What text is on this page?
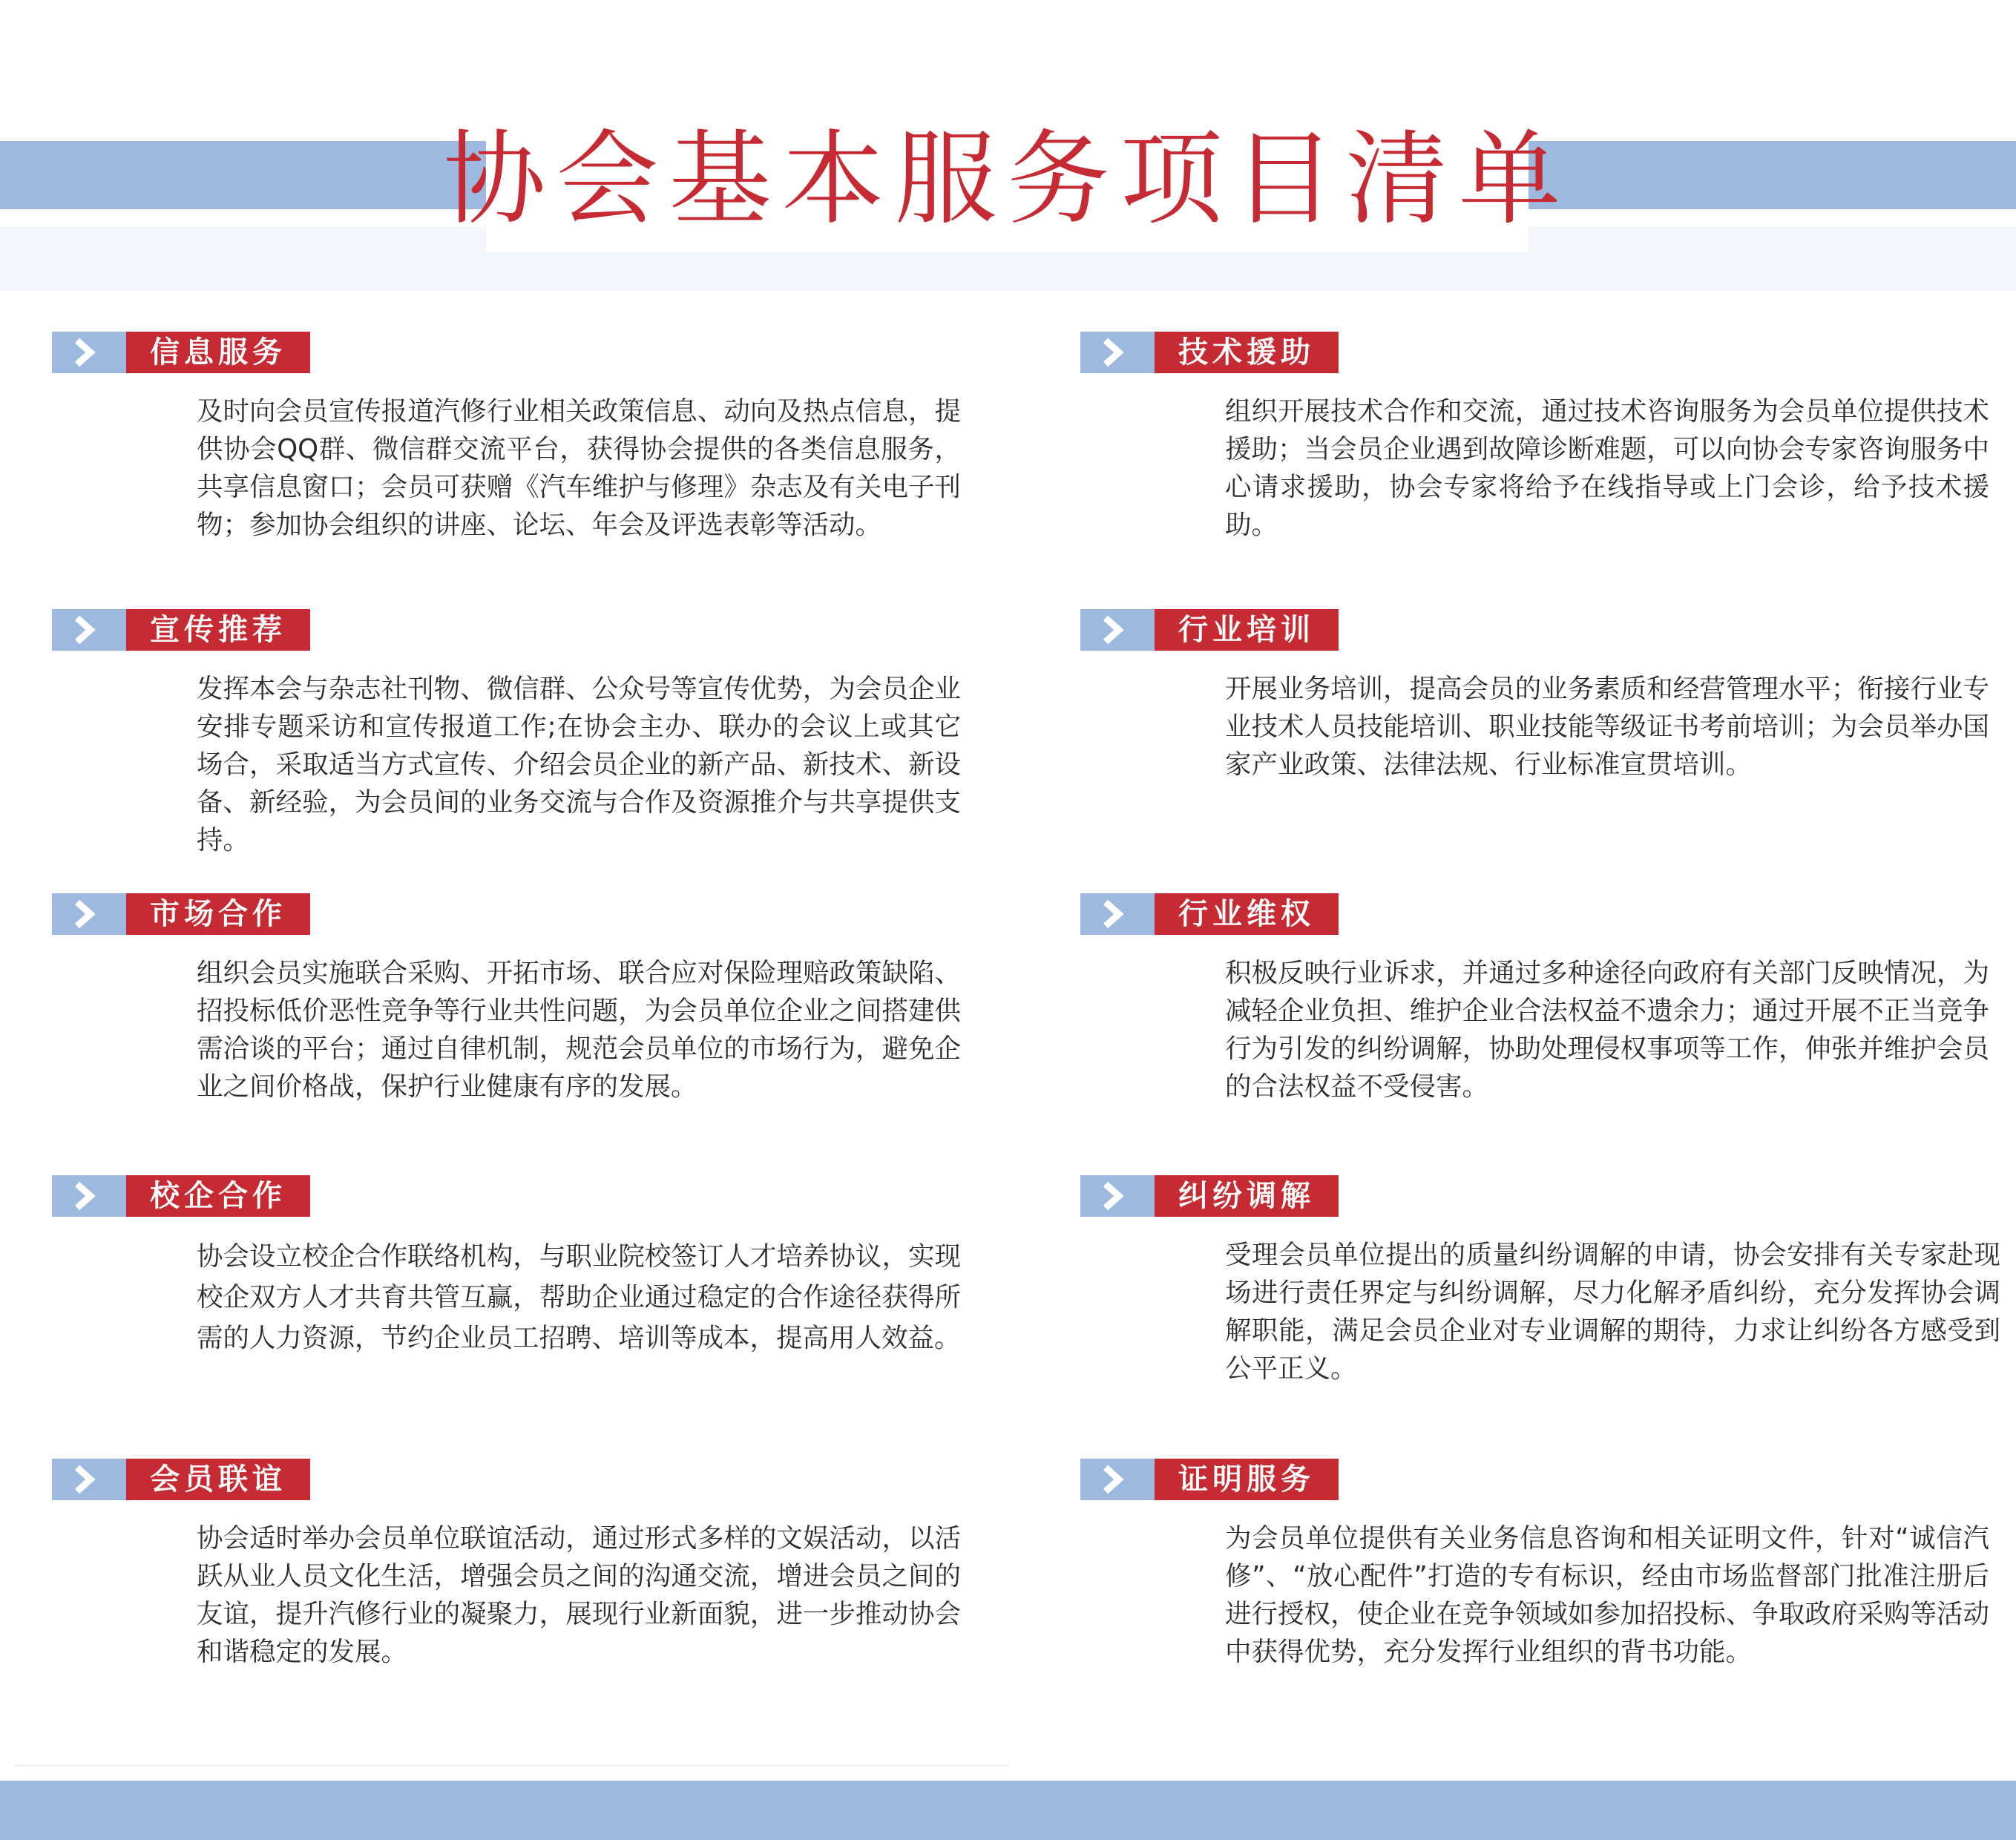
协会基本服务项目清单
信息服务
及时向会员宣传报道汽修行业相关政策信息、动向及热点信息，提供协会QQ群、微信群交流平台，获得协会提供的各类信息服务，共享信息窗口；会员可获赠《汽车维护与修理》杂志及有关电子刊物；参加协会组织的讲座、论坛、年会及评选表彰等活动。
宣传推荐
发挥本会与杂志社刊物、微信群、公众号等宣传优势，为会员企业安排专题采访和宣传报道工作;在协会主办、联办的会议上或其它场合，采取适当方式宣传、介绍会员企业的新产品、新技术、新设备、新经验，为会员间的业务交流与合作及资源推介与共享提供支持。
市场合作
组织会员实施联合采购、开拓市场、联合应对保险理赔政策缺陷、招投标低价恶性竞争等行业共性问题，为会员单位企业之间搭建供需洽谈的平台；通过自律机制，规范会员单位的市场行为，避免企业之间价格战，保护行业健康有序的发展。
校企合作
协会设立校企合作联络机构，与职业院校签订人才培养协议，实现校企双方人才共育共管互赢，帮助企业通过稳定的合作途径获得所需的人力资源，节约企业员工招聘、培训等成本，提高用人效益。
会员联谊
协会适时举办会员单位联谊活动，通过形式多样的文娱活动，以活跃从业人员文化生活，增强会员之间的沟通交流，增进会员之间的友谊，提升汽修行业的凝聚力，展现行业新面貌，进一步推动协会和谐稳定的发展。
技术援助
组织开展技术合作和交流，通过技术咨询服务为会员单位提供技术援助；当会员企业遇到故障诊断难题，可以向协会专家咨询服务中心请求援助，协会专家将给予在线指导或上门会诊，给予技术援助。
行业培训
开展业务培训，提高会员的业务素质和经营管理水平；衔接行业专业技术人员技能培训、职业技能等级证书考前培训；为会员举办国家产业政策、法律法规、行业标准宣贯培训。
行业维权
积极反映行业诉求，并通过多种途径向政府有关部门反映情况，为减轻企业负担、维护企业合法权益不遗余力；通过开展不正当竞争行为引发的纠纷调解，协助处理侵权事项等工作，伸张并维护会员的合法权益不受侵害。
纠纷调解
受理会员单位提出的质量纠纷调解的申请，协会安排有关专家赴现场进行责任界定与纠纷调解，尽力化解矛盾纠纷，充分发挥协会调解职能，满足会员企业对专业调解的期待，力求让纠纷各方感受到公平正义。
证明服务
为会员单位提供有关业务信息咨询和相关证明文件，针对“诚信汽修”、“放心配件”打造的专有标识，经由市场监督部门批准注册后进行授权，使企业在竞争领域如参加招投标、争取政府采购等活动中获得优势，充分发挥行业组织的背书功能。
